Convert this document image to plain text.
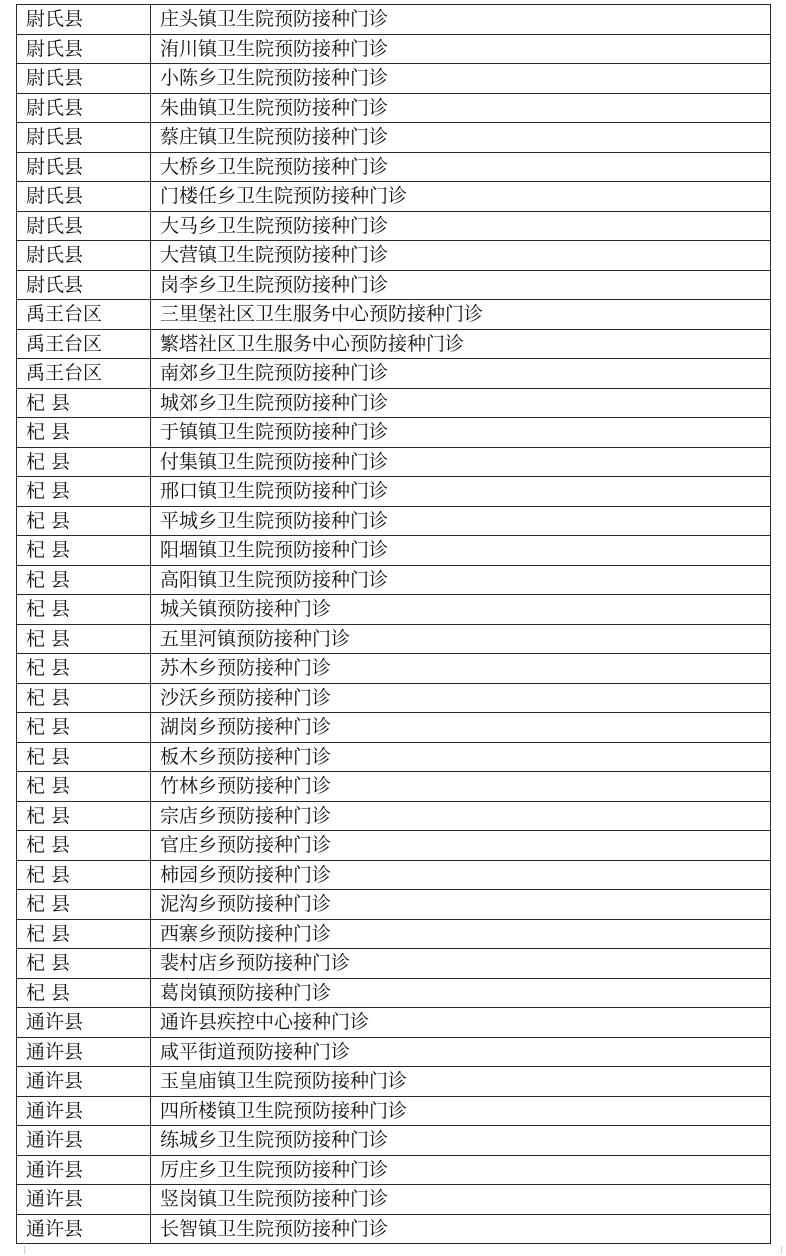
尉氏县	庄头镇卫生院预防接种门诊
尉氏县	洧川镇卫生院预防接种门诊
尉氏县	小陈乡卫生院预防接种门诊
尉氏县	朱曲镇卫生院预防接种门诊
尉氏县	蔡庄镇卫生院预防接种门诊
尉氏县	大桥乡卫生院预防接种门诊
尉氏县	门楼任乡卫生院预防接种门诊
尉氏县	大马乡卫生院预防接种门诊
尉氏县	大营镇卫生院预防接种门诊
尉氏县	岗李乡卫生院预防接种门诊
禹王台区	三里堡社区卫生服务中心预防接种门诊
禹王台区	繁塔社区卫生服务中心预防接种门诊
禹王台区	南郊乡卫生院预防接种门诊
杞 县	城郊乡卫生院预防接种门诊
杞 县	于镇镇卫生院预防接种门诊
杞 县	付集镇卫生院预防接种门诊
杞 县	邢口镇卫生院预防接种门诊
杞 县	平城乡卫生院预防接种门诊
杞 县	阳堌镇卫生院预防接种门诊
杞 县	高阳镇卫生院预防接种门诊
杞 县	城关镇预防接种门诊
杞 县	五里河镇预防接种门诊
杞 县	苏木乡预防接种门诊
杞 县	沙沃乡预防接种门诊
杞 县	湖岗乡预防接种门诊
杞 县	板木乡预防接种门诊
杞 县	竹林乡预防接种门诊
杞 县	宗店乡预防接种门诊
杞 县	官庄乡预防接种门诊
杞 县	柿园乡预防接种门诊
杞 县	泥沟乡预防接种门诊
杞 县	西寨乡预防接种门诊
杞 县	裴村店乡预防接种门诊
杞 县	葛岗镇预防接种门诊
通许县	通许县疾控中心接种门诊
通许县	咸平街道预防接种门诊
通许县	玉皇庙镇卫生院预防接种门诊
通许县	四所楼镇卫生院预防接种门诊
通许县	练城乡卫生院预防接种门诊
通许县	厉庄乡卫生院预防接种门诊
通许县	竖岗镇卫生院预防接种门诊
通许县	长智镇卫生院预防接种门诊
